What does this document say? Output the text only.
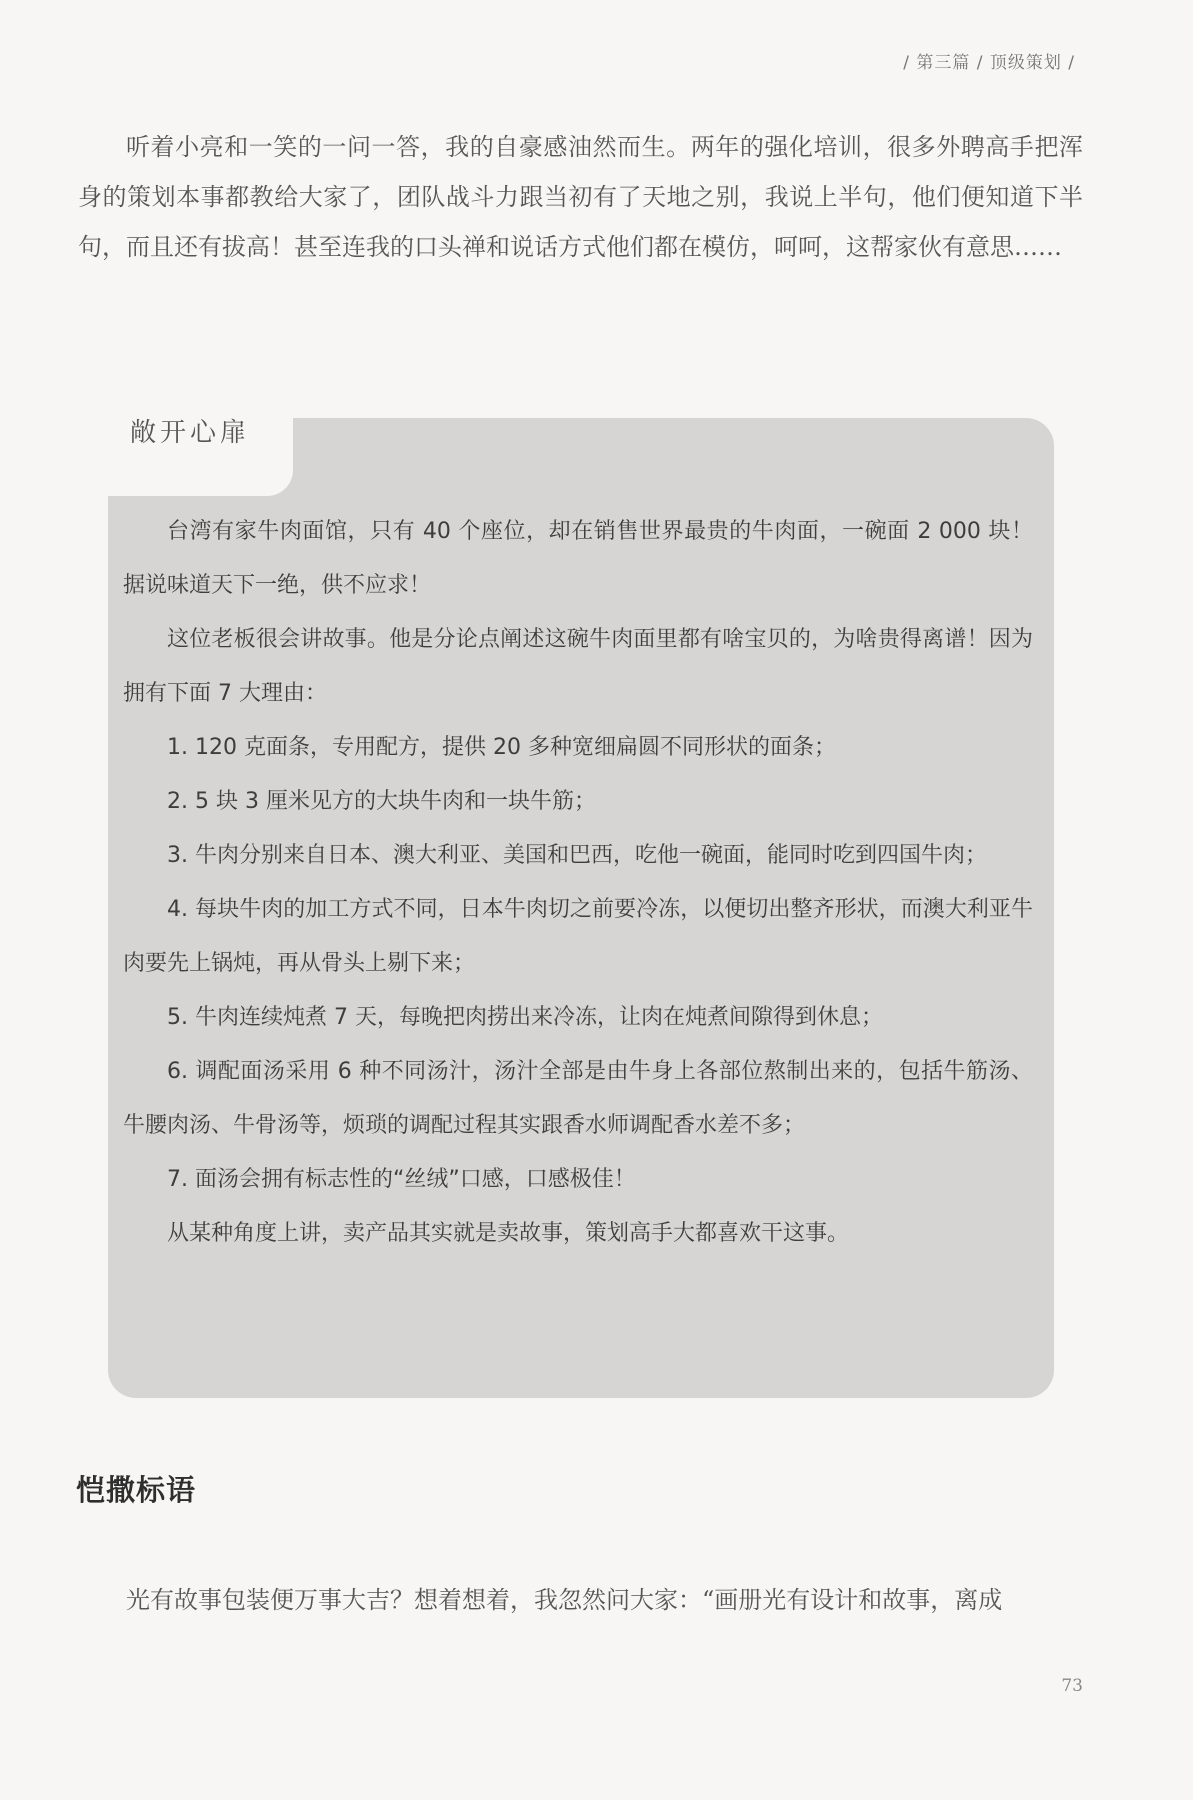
/ 第三篇 / 顶级策划 /

听着小亮和一笑的一问一答，我的自豪感油然而生。两年的强化培训，很多外聘高手把浑身的策划本事都教给大家了，团队战斗力跟当初有了天地之别，我说上半句，他们便知道下半句，而且还有拔高！甚至连我的口头禅和说话方式他们都在模仿，呵呵，这帮家伙有意思……

敞开心扉

台湾有家牛肉面馆，只有 40 个座位，却在销售世界最贵的牛肉面，一碗面 2 000 块！据说味道天下一绝，供不应求！

这位老板很会讲故事。他是分论点阐述这碗牛肉面里都有啥宝贝的，为啥贵得离谱！因为拥有下面 7 大理由：

1. 120 克面条，专用配方，提供 20 多种宽细扁圆不同形状的面条；

2. 5 块 3 厘米见方的大块牛肉和一块牛筋；

3. 牛肉分别来自日本、澳大利亚、美国和巴西，吃他一碗面，能同时吃到四国牛肉；

4. 每块牛肉的加工方式不同，日本牛肉切之前要冷冻，以便切出整齐形状，而澳大利亚牛肉要先上锅炖，再从骨头上剔下来；

5. 牛肉连续炖煮 7 天，每晚把肉捞出来冷冻，让肉在炖煮间隙得到休息；

6. 调配面汤采用 6 种不同汤汁，汤汁全部是由牛身上各部位熬制出来的，包括牛筋汤、牛腰肉汤、牛骨汤等，烦琐的调配过程其实跟香水师调配香水差不多；

7. 面汤会拥有标志性的“丝绒”口感，口感极佳！

从某种角度上讲，卖产品其实就是卖故事，策划高手大都喜欢干这事。

恺撒标语

光有故事包装便万事大吉？想着想着，我忽然问大家：“画册光有设计和故事，离成

73
